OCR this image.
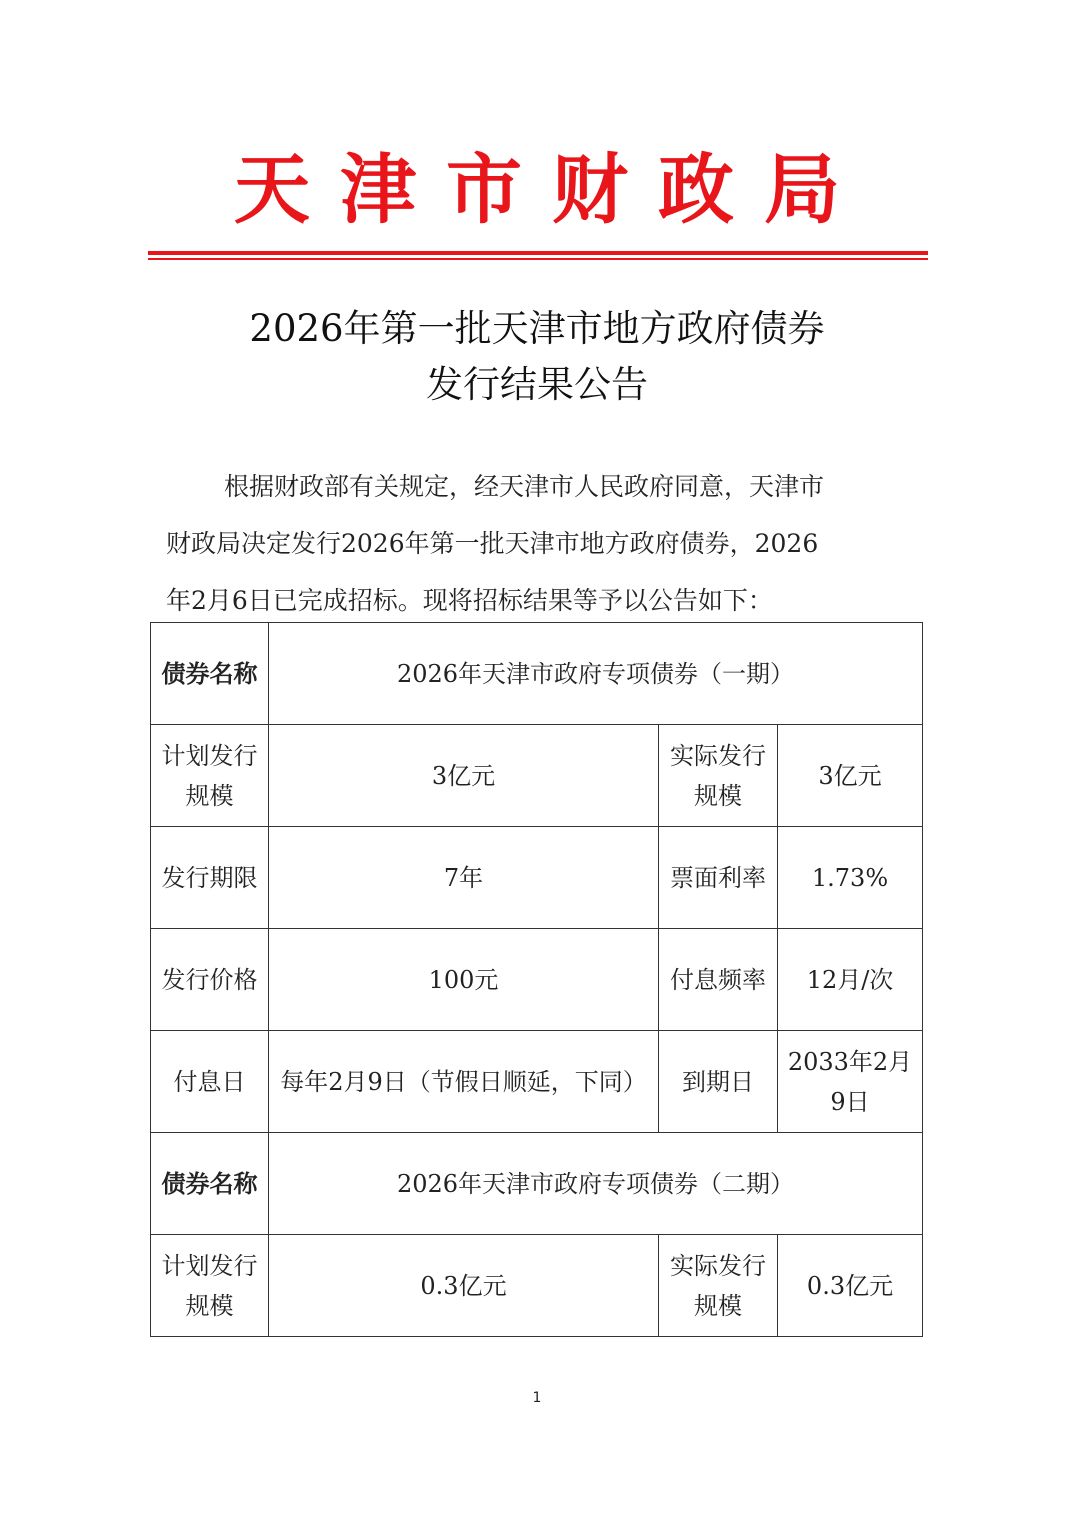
天津市财政局
2026年第一批天津市地方政府债券
发行结果公告
根据财政部有关规定，经天津市人民政府同意，天津市
财政局决定发行2026年第一批天津市地方政府债券，2026
年2月6日已完成招标。现将招标结果等予以公告如下：
债券名称	2026年天津市政府专项债券（一期）		
计划发行规模	3亿元	实际发行规模	3亿元
发行期限	7年	票面利率	1.73%
发行价格	100元	付息频率	12月/次
付息日	每年2月9日（节假日顺延，下同）	到期日	2033年2月9日
债券名称	2026年天津市政府专项债券（二期）		
计划发行规模	0.3亿元	实际发行规模	0.3亿元
1
